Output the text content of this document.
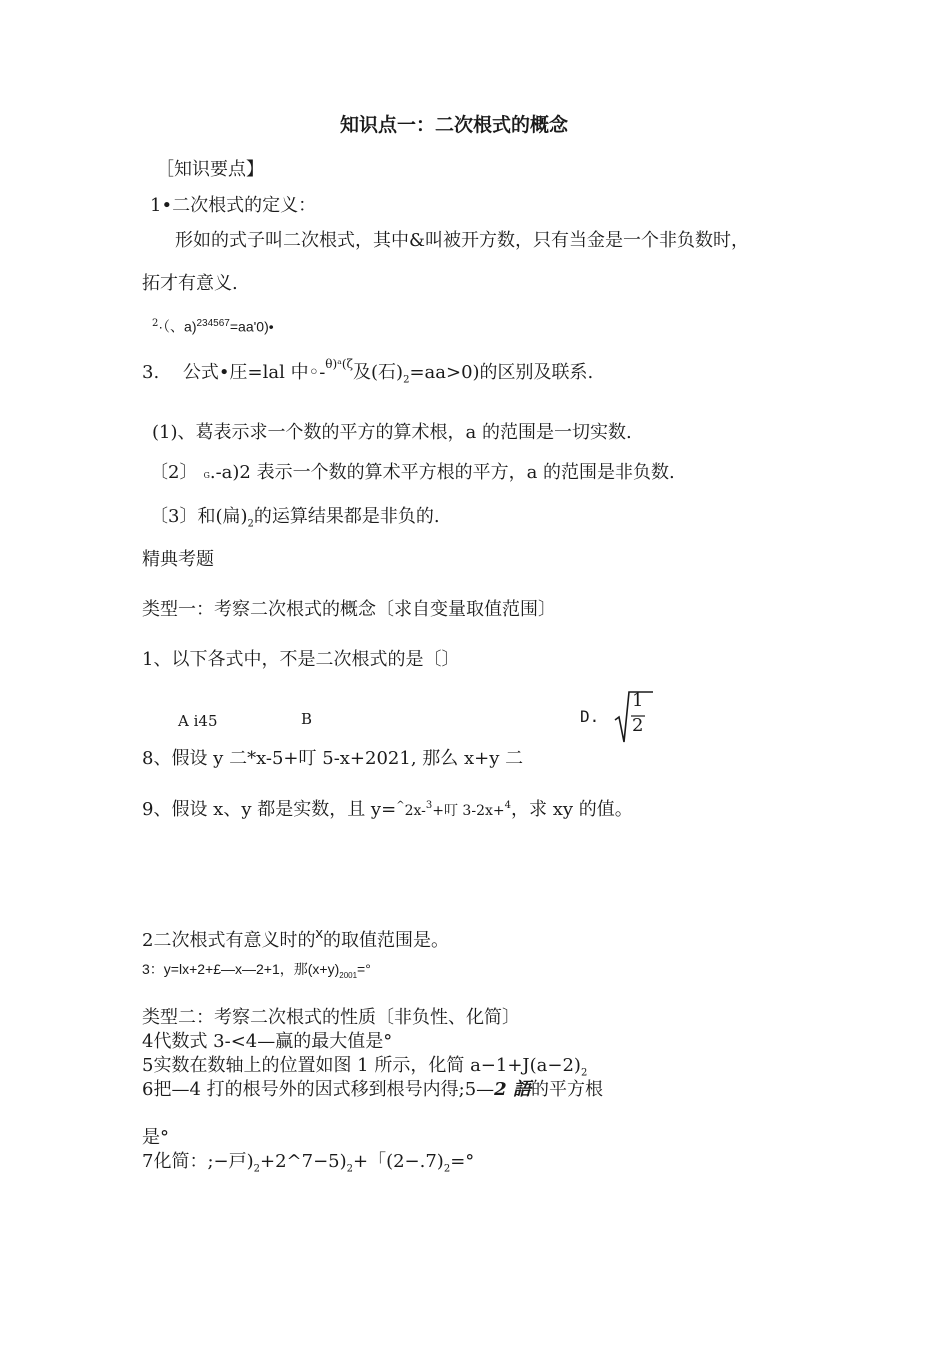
知识点一：二次根式的概念
［知识要点】
1•二次根式的定义：
形如的式子叫二次根式，其中&叫被开方数，只有当金是一个非负数时，
拓才有意义.
$^2$·（、a)$^{234567}$=aa'0)•
3. 公式•圧=lal 中◦-$^{\theta)ᵃ(\zeta}$及(石)$_2=aa>0$)的区别及联系.
(1)、葛表示求一个数的平方的算术根，a 的范围是一切实数.
〔2〕 G.-a)2 表示一个数的算术平方根的平方，a 的范围是非负数.
〔3〕和(扁)$_2$的运算结果都是非负的.
精典考题
类型一：考察二次根式的概念〔求自变量取值范围〕
1、以下各式中，不是二次根式的是〔〕
A i45	B	D.
1
2
8、假设 y 二*x-5+叮 5-x+2021, 那么 x+y 二
9、假设 x、y 都是实数，且 y=^2x-$^3$+叮 3-2x+$^4$，求 xy 的值。
2二次根式有意义时的$^x$的取值范围是。
3：y=lx+2+£—x—2+1，那$(x+y)_{2001}=^\circ$
类型二：考察二次根式的性质〔非负性、化简〕
4代数式 3-<4—赢的最大值是°
5实数在数轴上的位置如图 1 所示，化简 $a-1+J(a-2)_2$
6把—4 打的根号外的因式移到根号内得;5—2 語的平方根
是°
7化简：;−戸)$_2+2\^{}7-5)_2+$「$(2-.7)_2=^\circ$
